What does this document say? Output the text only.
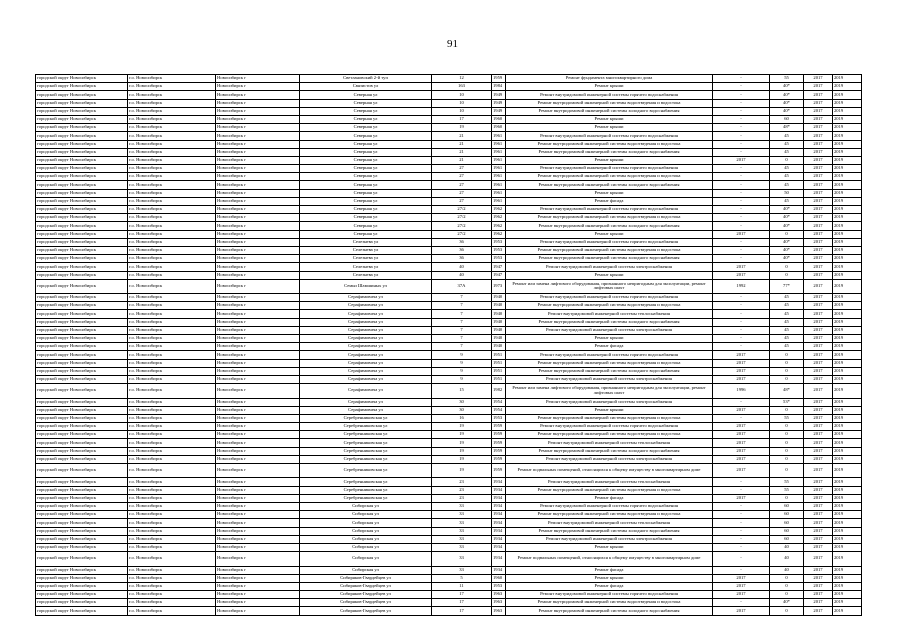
91
городской округ Новосибирск	г.о. Новосибирск	Новосибирск г	Светлановский 2-й туп	12	1959	Ремонт фундамента многоквартирного дома	-	55	2017	2019
городской округ Новосибирск	г.о. Новосибирск	Новосибирск г	Связистов ул	163	1984	Ремонт крыши	-	40*	2017	2019
городской округ Новосибирск	г.о. Новосибирск	Новосибирск г	Северная ул	10	1949	Ремонт внутридомовой инженерной системы горячего водоснабжения	-	40*	2017	2019
городской округ Новосибирск	г.о. Новосибирск	Новосибирск г	Северная ул	10	1949	Ремонт внутридомовой инженерной системы водоотведения и водостока	-	40*	2017	2019
городской округ Новосибирск	г.о. Новосибирск	Новосибирск г	Северная ул	10	1949	Ремонт внутридомовой инженерной системы холодного водоснабжения	-	40*	2017	2019
городской округ Новосибирск	г.о. Новосибирск	Новосибирск г	Северная ул	17	1960	Ремонт крыши	-	60	2017	2019
городской округ Новосибирск	г.о. Новосибирск	Новосибирск г	Северная ул	19	1960	Ремонт крыши	-	48*	2017	2019
городской округ Новосибирск	г.о. Новосибирск	Новосибирск г	Северная ул	21	1961	Ремонт внутридомовой инженерной системы горячего водоснабжения	-	45	2017	2019
городской округ Новосибирск	г.о. Новосибирск	Новосибирск г	Северная ул	21	1961	Ремонт внутридомовой инженерной системы водоотведения и водостока	-	45	2017	2019
городской округ Новосибирск	г.о. Новосибирск	Новосибирск г	Северная ул	21	1961	Ремонт внутридомовой инженерной системы холодного водоснабжения	-	45	2017	2019
городской округ Новосибирск	г.о. Новосибирск	Новосибирск г	Северная ул	21	1961	Ремонт крыши	2017	0	2017	2019
городской округ Новосибирск	г.о. Новосибирск	Новосибирск г	Северная ул	27	1961	Ремонт внутридомовой инженерной системы горячего водоснабжения	-	45	2017	2019
городской округ Новосибирск	г.о. Новосибирск	Новосибирск г	Северная ул	27	1961	Ремонт внутридомовой инженерной системы водоотведения и водостока	-	45	2017	2019
городской округ Новосибирск	г.о. Новосибирск	Новосибирск г	Северная ул	27	1961	Ремонт внутридомовой инженерной системы холодного водоснабжения	-	45	2017	2019
городской округ Новосибирск	г.о. Новосибирск	Новосибирск г	Северная ул	27	1961	Ремонт крыши	-	50	2017	2019
городской округ Новосибирск	г.о. Новосибирск	Новосибирск г	Северная ул	27	1961	Ремонт фасада	-	45	2017	2019
городской округ Новосибирск	г.о. Новосибирск	Новосибирск г	Северная ул	27/2	1962	Ремонт внутридомовой инженерной системы горячего водоснабжения	-	40*	2017	2019
городской округ Новосибирск	г.о. Новосибирск	Новосибирск г	Северная ул	27/2	1962	Ремонт внутридомовой инженерной системы водоотведения и водостока	-	40*	2017	2019
городской округ Новосибирск	г.о. Новосибирск	Новосибирск г	Северная ул	27/2	1962	Ремонт внутридомовой инженерной системы холодного водоснабжения	-	40*	2017	2019
городской округ Новосибирск	г.о. Новосибирск	Новосибирск г	Северная ул	27/2	1962	Ремонт крыши	2017	0	2017	2019
городской округ Новосибирск	г.о. Новосибирск	Новосибирск г	Селезнева ул	36	1953	Ремонт внутридомовой инженерной системы горячего водоснабжения	-	40*	2017	2019
городской округ Новосибирск	г.о. Новосибирск	Новосибирск г	Селезнева ул	36	1953	Ремонт внутридомовой инженерной системы водоотведения и водостока	-	40*	2017	2019
городской округ Новосибирск	г.о. Новосибирск	Новосибирск г	Селезнева ул	36	1953	Ремонт внутридомовой инженерной системы холодного водоснабжения	-	40*	2017	2019
городской округ Новосибирск	г.о. Новосибирск	Новосибирск г	Селезнева ул	40	1947	Ремонт внутридомовой инженерной системы электроснабжения	2017	0	2017	2019
городской округ Новосибирск	г.о. Новосибирск	Новосибирск г	Селезнева ул	40	1947	Ремонт крыши	2017	0	2017	2019
городской округ Новосибирск	г.о. Новосибирск	Новосибирск г	Семьи Шамшиных ул	37А	1973	Ремонт или замена лифтового оборудования, признанного непригодным для эксплуатации, ремонт лифтовых шахт	1992	77*	2017	2019
городской округ Новосибирск	г.о. Новосибирск	Новосибирск г	Серафимовича ул	7	1940	Ремонт внутридомовой инженерной системы горячего водоснабжения	-	45	2017	2019
городской округ Новосибирск	г.о. Новосибирск	Новосибирск г	Серафимовича ул	7	1940	Ремонт внутридомовой инженерной системы водоотведения и водостока	-	45	2017	2019
городской округ Новосибирск	г.о. Новосибирск	Новосибирск г	Серафимовича ул	7	1940	Ремонт внутридомовой инженерной системы теплоснабжения	-	45	2017	2019
городской округ Новосибирск	г.о. Новосибирск	Новосибирск г	Серафимовича ул	7	1940	Ремонт внутридомовой инженерной системы холодного водоснабжения	-	45	2017	2019
городской округ Новосибирск	г.о. Новосибирск	Новосибирск г	Серафимовича ул	7	1940	Ремонт внутридомовой инженерной системы электроснабжения	-	45	2017	2019
городской округ Новосибирск	г.о. Новосибирск	Новосибирск г	Серафимовича ул	7	1940	Ремонт крыши	-	45	2017	2019
городской округ Новосибирск	г.о. Новосибирск	Новосибирск г	Серафимовича ул	7	1940	Ремонт фасада	-	45	2017	2019
городской округ Новосибирск	г.о. Новосибирск	Новосибирск г	Серафимовича ул	9	1951	Ремонт внутридомовой инженерной системы горячего водоснабжения	2017	0	2017	2019
городской округ Новосибирск	г.о. Новосибирск	Новосибирск г	Серафимовича ул	9	1951	Ремонт внутридомовой инженерной системы водоотведения и водостока	2017	0	2017	2019
городской округ Новосибирск	г.о. Новосибирск	Новосибирск г	Серафимовича ул	9	1951	Ремонт внутридомовой инженерной системы холодного водоснабжения	2017	0	2017	2019
городской округ Новосибирск	г.о. Новосибирск	Новосибирск г	Серафимовича ул	9	1951	Ремонт внутридомовой инженерной системы электроснабжения	2017	0	2017	2019
городской округ Новосибирск	г.о. Новосибирск	Новосибирск г	Серафимовича ул	15	1982	Ремонт или замена лифтового оборудования, признанного непригодным для эксплуатации, ремонт лифтовых шахт	1996	48*	2017	2019
городской округ Новосибирск	г.о. Новосибирск	Новосибирск г	Серафимовича ул	30	1954	Ремонт внутридомовой инженерной системы электроснабжения	-	53*	2017	2019
городской округ Новосибирск	г.о. Новосибирск	Новосибирск г	Серафимовича ул	30	1954	Ремонт крыши	2017	0	2017	2019
городской округ Новосибирск	г.о. Новосибирск	Новосибирск г	Серебренниковская ул	16	1953	Ремонт внутридомовой инженерной системы водоотведения и водостока	-	55	2017	2019
городской округ Новосибирск	г.о. Новосибирск	Новосибирск г	Серебренниковская ул	19	1959	Ремонт внутридомовой инженерной системы горячего водоснабжения	2017	0	2017	2019
городской округ Новосибирск	г.о. Новосибирск	Новосибирск г	Серебренниковская ул	19	1959	Ремонт внутридомовой инженерной системы водоотведения и водостока	2017	0	2017	2019
городской округ Новосибирск	г.о. Новосибирск	Новосибирск г	Серебренниковская ул	19	1959	Ремонт внутридомовой инженерной системы теплоснабжения	2017	0	2017	2019
городской округ Новосибирск	г.о. Новосибирск	Новосибирск г	Серебренниковская ул	19	1959	Ремонт внутридомовой инженерной системы холодного водоснабжения	2017	0	2017	2019
городской округ Новосибирск	г.о. Новосибирск	Новосибирск г	Серебренниковская ул	19	1959	Ремонт внутридомовой инженерной системы электроснабжения	2017	0	2017	2019
городской округ Новосибирск	г.о. Новосибирск	Новосибирск г	Серебренниковская ул	19	1959	Ремонт подвальных помещений, относящихся к общему имуществу в многоквартирном доме	2017	0	2017	2019
городской округ Новосибирск	г.о. Новосибирск	Новосибирск г	Серебренниковская ул	23	1934	Ремонт внутридомовой инженерной системы теплоснабжения	-	55	2017	2019
городской округ Новосибирск	г.о. Новосибирск	Новосибирск г	Серебренниковская ул	23	1934	Ремонт внутридомовой инженерной системы водоотведения и водостока	-	55	2017	2019
городской округ Новосибирск	г.о. Новосибирск	Новосибирск г	Серебренниковская ул	23	1934	Ремонт фасада	2017	0	2017	2019
городской округ Новосибирск	г.о. Новосибирск	Новосибирск г	Сибирская ул	33	1934	Ремонт внутридомовой инженерной системы горячего водоснабжения	-	60	2017	2019
городской округ Новосибирск	г.о. Новосибирск	Новосибирск г	Сибирская ул	33	1934	Ремонт внутридомовой инженерной системы водоотведения и водостока	-	60	2017	2019
городской округ Новосибирск	г.о. Новосибирск	Новосибирск г	Сибирская ул	33	1934	Ремонт внутридомовой инженерной системы теплоснабжения	-	60	2017	2019
городской округ Новосибирск	г.о. Новосибирск	Новосибирск г	Сибирская ул	33	1934	Ремонт внутридомовой инженерной системы холодного водоснабжения	-	60	2017	2019
городской округ Новосибирск	г.о. Новосибирск	Новосибирск г	Сибирская ул	33	1934	Ремонт внутридомовой инженерной системы электроснабжения	-	60	2017	2019
городской округ Новосибирск	г.о. Новосибирск	Новосибирск г	Сибирская ул	33	1934	Ремонт крыши	-	40	2017	2019
городской округ Новосибирск	г.о. Новосибирск	Новосибирск г	Сибирская ул	33	1934	Ремонт подвальных помещений, относящихся к общему имуществу в многоквартирном доме	-	40	2017	2019
городской округ Новосибирск	г.о. Новосибирск	Новосибирск г	Сибирская ул	33	1934	Ремонт фасада	-	40	2017	2019
городской округ Новосибирск	г.о. Новосибирск	Новосибирск г	Сибиряков-Гвардейцев ул	5	1960	Ремонт крыши	2017	0	2017	2019
городской округ Новосибирск	г.о. Новосибирск	Новосибирск г	Сибиряков-Гвардейцев ул	11	1953	Ремонт фасада	2017	0	2017	2019
городской округ Новосибирск	г.о. Новосибирск	Новосибирск г	Сибиряков-Гвардейцев ул	17	1963	Ремонт внутридомовой инженерной системы горячего водоснабжения	2017	0	2017	2019
городской округ Новосибирск	г.о. Новосибирск	Новосибирск г	Сибиряков-Гвардейцев ул	17	1963	Ремонт внутридомовой инженерной системы водоотведения и водостока	-	40*	2017	2019
городской округ Новосибирск	г.о. Новосибирск	Новосибирск г	Сибиряков-Гвардейцев ул	17	1963	Ремонт внутридомовой инженерной системы холодного водоснабжения	2017	0	2017	2019
